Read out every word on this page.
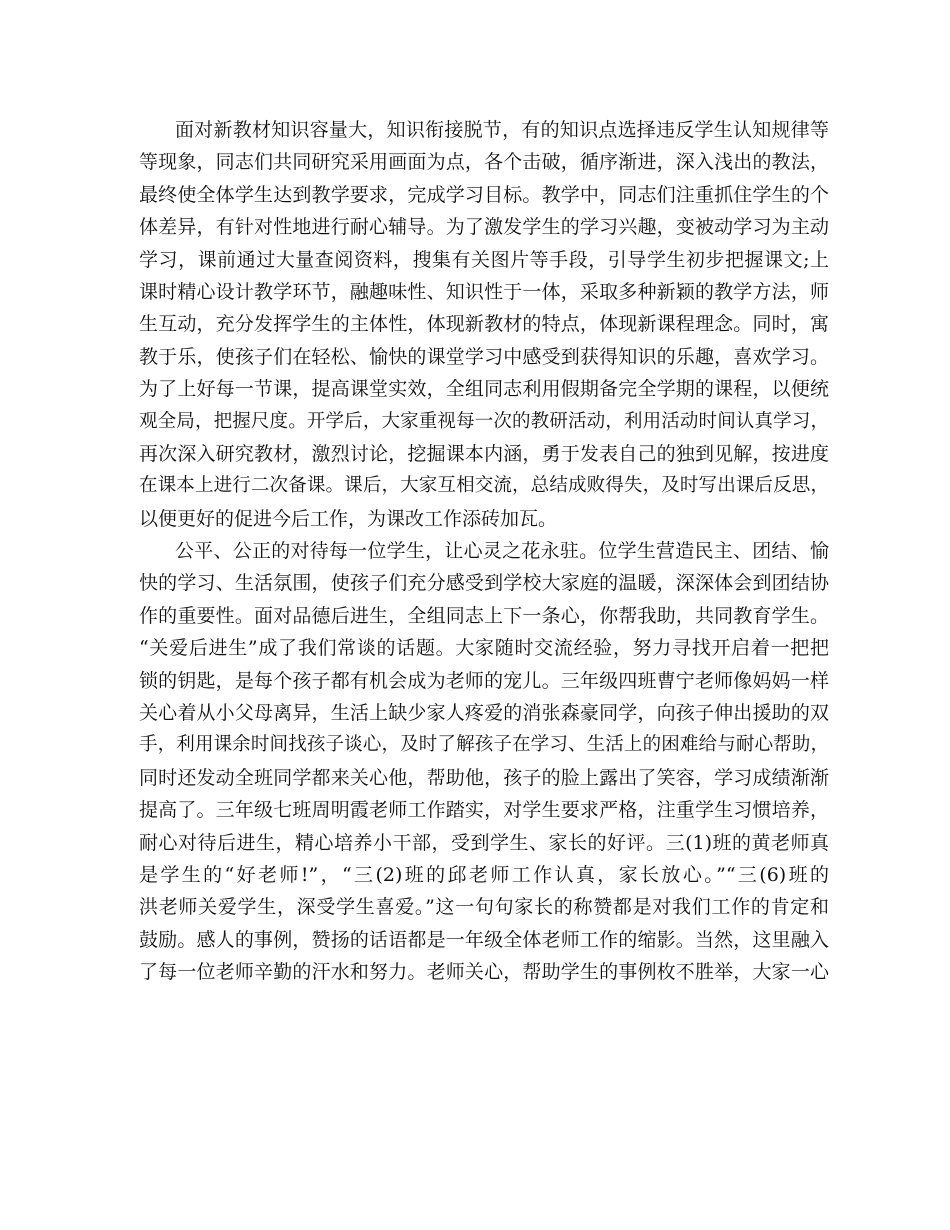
面对新教材知识容量大，知识衔接脱节，有的知识点选择违反学生认知规律等
等现象，同志们共同研究采用画面为点，各个击破，循序渐进，深入浅出的教法，
最终使全体学生达到教学要求，完成学习目标。教学中，同志们注重抓住学生的个
体差异，有针对性地进行耐心辅导。为了激发学生的学习兴趣，变被动学习为主动
学习，课前通过大量查阅资料，搜集有关图片等手段，引导学生初步把握课文;上
课时精心设计教学环节，融趣味性、知识性于一体，采取多种新颖的教学方法，师
生互动，充分发挥学生的主体性，体现新教材的特点，体现新课程理念。同时，寓
教于乐，使孩子们在轻松、愉快的课堂学习中感受到获得知识的乐趣，喜欢学习。
为了上好每一节课，提高课堂实效，全组同志利用假期备完全学期的课程，以便统
观全局，把握尺度。开学后，大家重视每一次的教研活动，利用活动时间认真学习，
再次深入研究教材，激烈讨论，挖掘课本内涵，勇于发表自己的独到见解，按进度
在课本上进行二次备课。课后，大家互相交流，总结成败得失，及时写出课后反思，
以便更好的促进今后工作，为课改工作添砖加瓦。
公平、公正的对待每一位学生，让心灵之花永驻。位学生营造民主、团结、愉
快的学习、生活氛围，使孩子们充分感受到学校大家庭的温暖，深深体会到团结协
作的重要性。面对品德后进生，全组同志上下一条心，你帮我助，共同教育学生。
“关爱后进生”成了我们常谈的话题。大家随时交流经验，努力寻找开启着一把把
锁的钥匙，是每个孩子都有机会成为老师的宠儿。三年级四班曹宁老师像妈妈一样
关心着从小父母离异，生活上缺少家人疼爱的消张森豪同学，向孩子伸出援助的双
手，利用课余时间找孩子谈心，及时了解孩子在学习、生活上的困难给与耐心帮助，
同时还发动全班同学都来关心他，帮助他，孩子的脸上露出了笑容，学习成绩渐渐
提高了。三年级七班周明霞老师工作踏实，对学生要求严格，注重学生习惯培养，
耐心对待后进生，精心培养小干部，受到学生、家长的好评。三(1)班的黄老师真
是学生的“好老师!”，“三(2)班的邱老师工作认真，家长放心。”“三(6)班的
洪老师关爱学生，深受学生喜爱。”这一句句家长的称赞都是对我们工作的肯定和
鼓励。感人的事例，赞扬的话语都是一年级全体老师工作的缩影。当然，这里融入
了每一位老师辛勤的汗水和努力。老师关心，帮助学生的事例枚不胜举，大家一心
